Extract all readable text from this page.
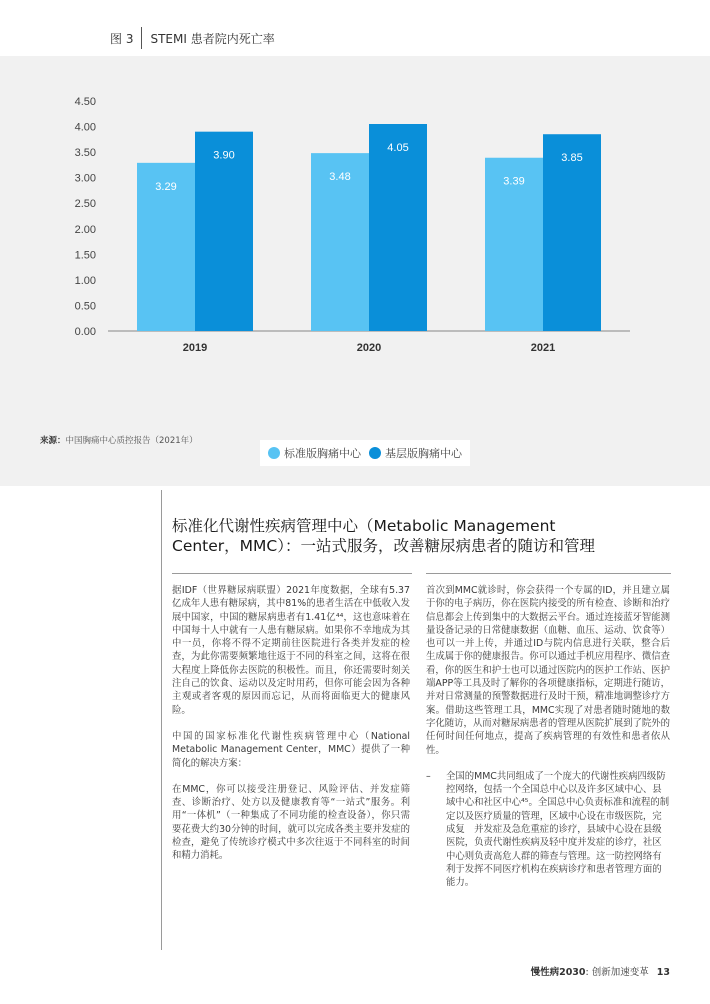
图 3 STEMI 患者院内死亡率
0.00
0.50
1.00
1.50
2.00
2.50
3.00
3.50
4.00
4.50
3.29
3.90
2019
3.48
4.05
2020
3.39
3.85
2021
标准版胸痛中心 基层版胸痛中心
来源：中国胸痛中心质控报告（2021年）
标准化代谢性疾病管理中心（Metabolic Management
Center，MMC）：一站式服务，改善糖尿病患者的随访和管理

据IDF（世界糖尿病联盟）2021年度数据，全球有5.37亿成年人患有糖尿病，其中81%的患者生活在中低收入发展中国家，中国的糖尿病患者有1.41亿⁴⁴，这也意味着在中国每十人中就有一人患有糖尿病。如果你不幸地成为其中一员，你将不得不定期前往医院进行各类并发症的检查，为此你需要频繁地往返于不同的科室之间，这将在很大程度上降低你去医院的积极性。而且，你还需要时刻关注自己的饮食、运动以及定时用药，但你可能会因为各种主观或者客观的原因而忘记，从而将面临更大的健康风险。

中国的国家标准化代谢性疾病管理中心（National Metabolic Management Center，MMC）提供了一种简化的解决方案：

在MMC，你可以接受注册登记、风险评估、并发症筛查、诊断治疗、处方以及健康教育等“一站式”服务。利用“一体机”（一种集成了不同功能的检查设备），你只需要花费大约30分钟的时间，就可以完成各类主要并发症的检查，避免了传统诊疗模式中多次往返于不同科室的时间和精力消耗。

首次到MMC就诊时，你会获得一个专属的ID，并且建立属于你的电子病历，你在医院内接受的所有检查、诊断和治疗信息都会上传到集中的大数据云平台。通过连接蓝牙智能测量设备记录的日常健康数据（血糖、血压、运动、饮食等）也可以一并上传，并通过ID与院内信息进行关联，整合后生成属于你的健康报告。你可以通过手机应用程序、微信查看，你的医生和护士也可以通过医院内的医护工作站、医护端APP等工具及时了解你的各项健康指标，定期进行随访，并对日常测量的预警数据进行及时干预，精准地调整诊疗方案。借助这些管理工具，MMC实现了对患者随时随地的数字化随访，从而对糖尿病患者的管理从医院扩展到了院外的任何时间任何地点，提高了疾病管理的有效性和患者依从性。

– 全国的MMC共同组成了一个庞大的代谢性疾病四级防控网络，包括一个全国总中心以及许多区域中心、县域中心和社区中心⁴⁵。全国总中心负责标准和流程的制定以及医疗质量的管理，区域中心设在市级医院，完成复　并发症及急危重症的诊疗，县域中心设在县级医院，负责代谢性疾病及轻中度并发症的诊疗，社区中心则负责高危人群的筛查与管理。这一防控网络有利于发挥不同医疗机构在疾病诊疗和患者管理方面的能力。
慢性病2030: 创新加速变革 13
